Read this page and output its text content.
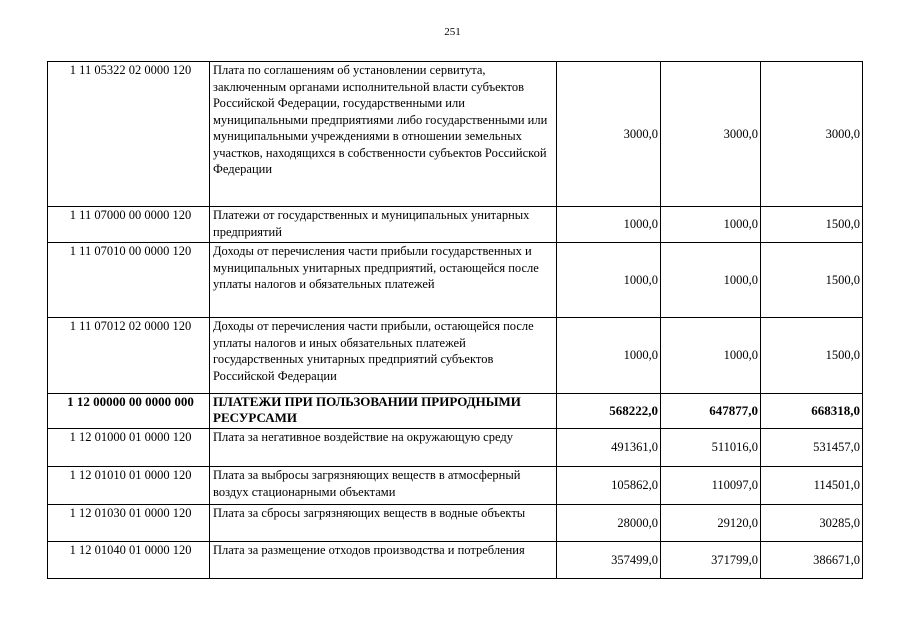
251
1 11 05322 02 0000 120	Плата по соглашениям об установлении сервитута, заключенным органами исполнительной власти субъектов Российской Федерации, государственными или муниципальными предприятиями либо государственными или муниципальными учреждениями в отношении земельных участков, находящихся в собственности субъектов Российской Федерации	3000,0	3000,0	3000,0
1 11 07000 00 0000 120	Платежи от государственных и муниципальных унитарных предприятий	1000,0	1000,0	1500,0
1 11 07010 00 0000 120	Доходы от перечисления части прибыли государственных и муниципальных унитарных предприятий, остающейся после уплаты налогов и обязательных платежей	1000,0	1000,0	1500,0
1 11 07012 02 0000 120	Доходы от перечисления части прибыли, остающейся после уплаты налогов и иных обязательных платежей государственных унитарных предприятий субъектов Российской Федерации	1000,0	1000,0	1500,0
1 12 00000 00 0000 000	ПЛАТЕЖИ ПРИ ПОЛЬЗОВАНИИ ПРИРОДНЫМИ РЕСУРСАМИ	568222,0	647877,0	668318,0
1 12 01000 01 0000 120	Плата за негативное воздействие на окружающую среду	491361,0	511016,0	531457,0
1 12 01010 01 0000 120	Плата за выбросы загрязняющих веществ в атмосферный воздух стационарными объектами	105862,0	110097,0	114501,0
1 12 01030 01 0000 120	Плата за сбросы загрязняющих веществ в водные объекты	28000,0	29120,0	30285,0
1 12 01040 01 0000 120	Плата за размещение отходов производства и потребления	357499,0	371799,0	386671,0
